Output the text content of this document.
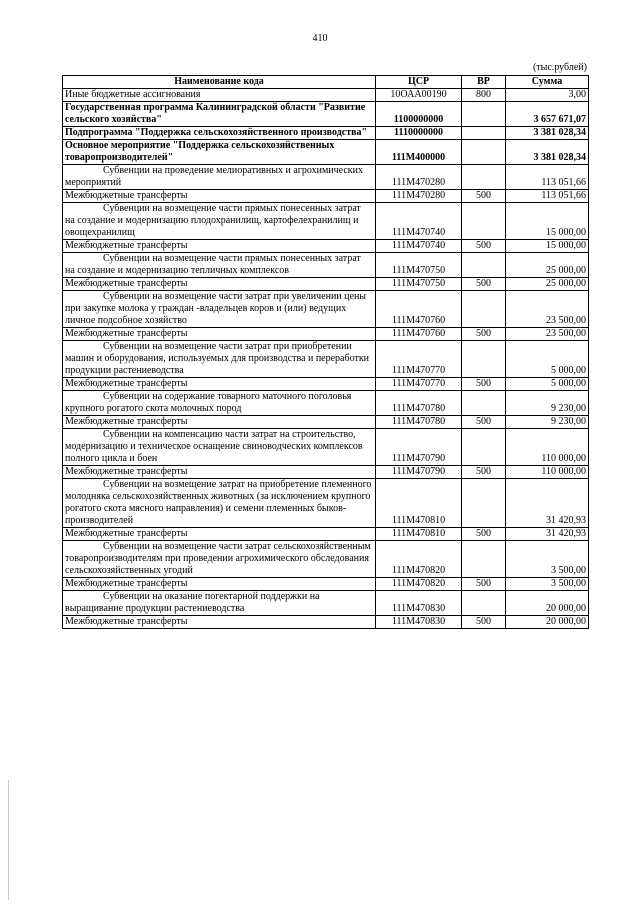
410
(тыс.рублей)
Наименование кода	ЦСР	ВР	Сумма
Иные бюджетные ассигнования	10ОАА00190	800	3,00
Государственная программа Калининградской области "Развитие сельского хозяйства"	1100000000		3 657 671,07
Подпрограмма "Поддержка сельскохозяйственного производства"	1110000000		3 381 028,34
Основное мероприятие "Поддержка сельскохозяйственных товаропроизводителей"	111М400000		3 381 028,34
Субвенции на проведение мелиоративных и агрохимических мероприятий	111М470280		113 051,66
Межбюджетные трансферты	111М470280	500	113 051,66
Субвенции на возмещение части прямых понесенных затрат на создание и модернизацию плодохранилищ, картофелехранилищ и овощехранилищ	111М470740		15 000,00
Межбюджетные трансферты	111М470740	500	15 000,00
Субвенции на возмещение части прямых понесенных затрат на создание и модернизацию тепличных комплексов	111М470750		25 000,00
Межбюджетные трансферты	111М470750	500	25 000,00
Субвенции на возмещение части затрат при увеличении цены при закупке молока у граждан -владельцев коров и (или) ведущих личное подсобное хозяйство	111М470760		23 500,00
Межбюджетные трансферты	111М470760	500	23 500,00
Субвенции на возмещение части затрат при приобретении машин и оборудования, используемых для производства и переработки продукции растениеводства	111М470770		5 000,00
Межбюджетные трансферты	111М470770	500	5 000,00
Субвенции на содержание товарного маточного поголовья крупного рогатого скота молочных пород	111М470780		9 230,00
Межбюджетные трансферты	111М470780	500	9 230,00
Субвенции на компенсацию части затрат на строительство, модернизацию и техническое оснащение свиноводческих комплексов полного цикла и боен	111М470790		110 000,00
Межбюджетные трансферты	111М470790	500	110 000,00
Субвенции на возмещение затрат на приобретение племенного молодняка сельскохозяйственных животных (за исключением крупного рогатого скота мясного направления) и семени племенных быков-производителей	111М470810		31 420,93
Межбюджетные трансферты	111М470810	500	31 420,93
Субвенции на возмещение части затрат сельскохозяйственным товаропроизводителям при проведении агрохимического обследования сельскохозяйственных угодий	111М470820		3 500,00
Межбюджетные трансферты	111М470820	500	3 500,00
Субвенции на оказание погектарной поддержки на выращивание продукции растениеводства	111М470830		20 000,00
Межбюджетные трансферты	111М470830	500	20 000,00
